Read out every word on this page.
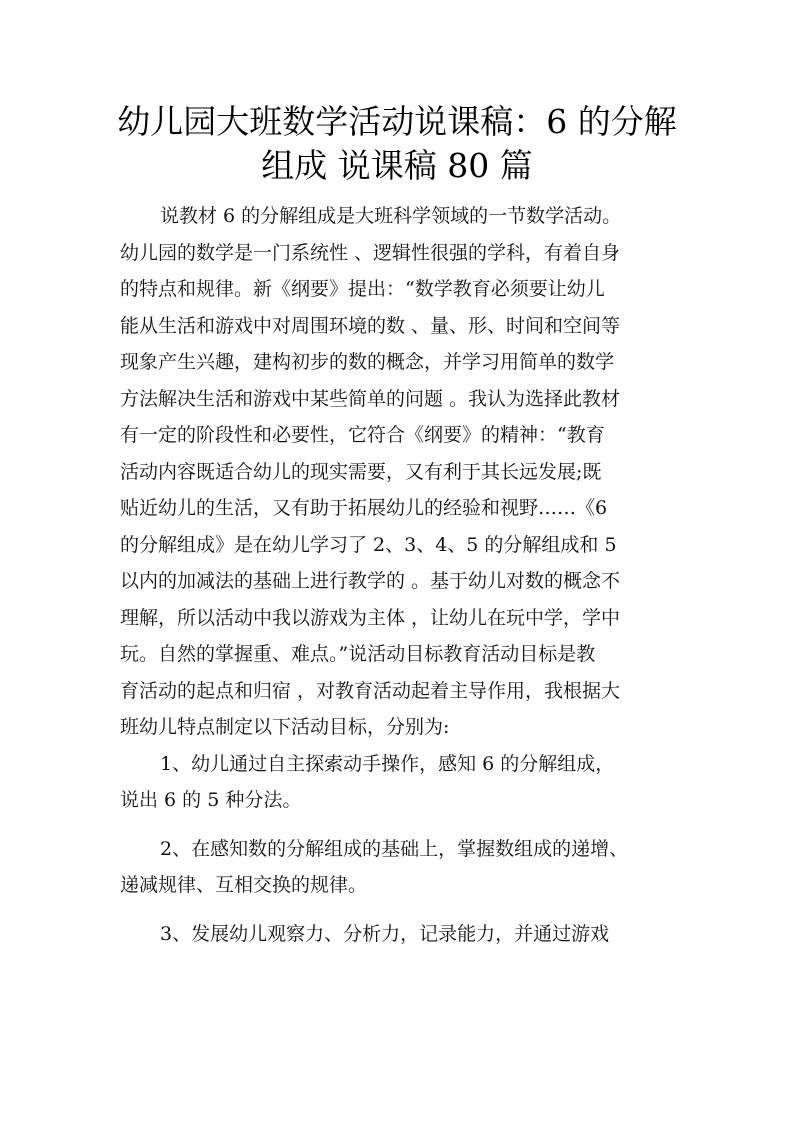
幼儿园大班数学活动说课稿：6 的分解
组成 说课稿 80 篇
说教材 6 的分解组成是大班科学领域的一节数学活动。
幼儿园的数学是一门系统性 、逻辑性很强的学科，有着自身
的特点和规律。新《纲要》提出：“数学教育必须要让幼儿
能从生活和游戏中对周围环境的数 、量、形、时间和空间等
现象产生兴趣，建构初步的数的概念，并学习用简单的数学
方法解决生活和游戏中某些简单的问题 。我认为选择此教材
有一定的阶段性和必要性，它符合《纲要》的精神：“教育
活动内容既适合幼儿的现实需要，又有利于其长远发展;既
贴近幼儿的生活，又有助于拓展幼儿的经验和视野……《6
的分解组成》是在幼儿学习了 2、3、4、5 的分解组成和 5
以内的加减法的基础上进行教学的 。基于幼儿对数的概念不
理解，所以活动中我以游戏为主体 ，让幼儿在玩中学，学中
玩。自然的掌握重、难点。”说活动目标教育活动目标是教
育活动的起点和归宿 ，对教育活动起着主导作用，我根据大
班幼儿特点制定以下活动目标，分别为:
1、幼儿通过自主探索动手操作，感知 6 的分解组成，
说出 6 的 5 种分法。
2、在感知数的分解组成的基础上，掌握数组成的递增、
递减规律、互相交换的规律。
3、发展幼儿观察力、分析力，记录能力，并通过游戏
